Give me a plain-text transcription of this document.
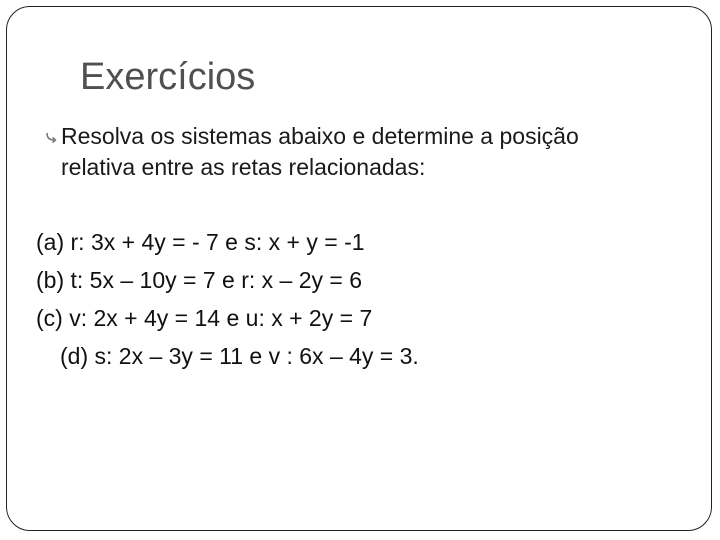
Exercícios
Resolva os sistemas abaixo e determine a posição
relativa entre as retas relacionadas:
(a) r: 3x + 4y = - 7 e s: x + y = -1
(b) t: 5x – 10y = 7 e r: x – 2y = 6
(c) v: 2x + 4y = 14 e u: x + 2y = 7
(d) s: 2x – 3y = 11 e v : 6x – 4y = 3.
